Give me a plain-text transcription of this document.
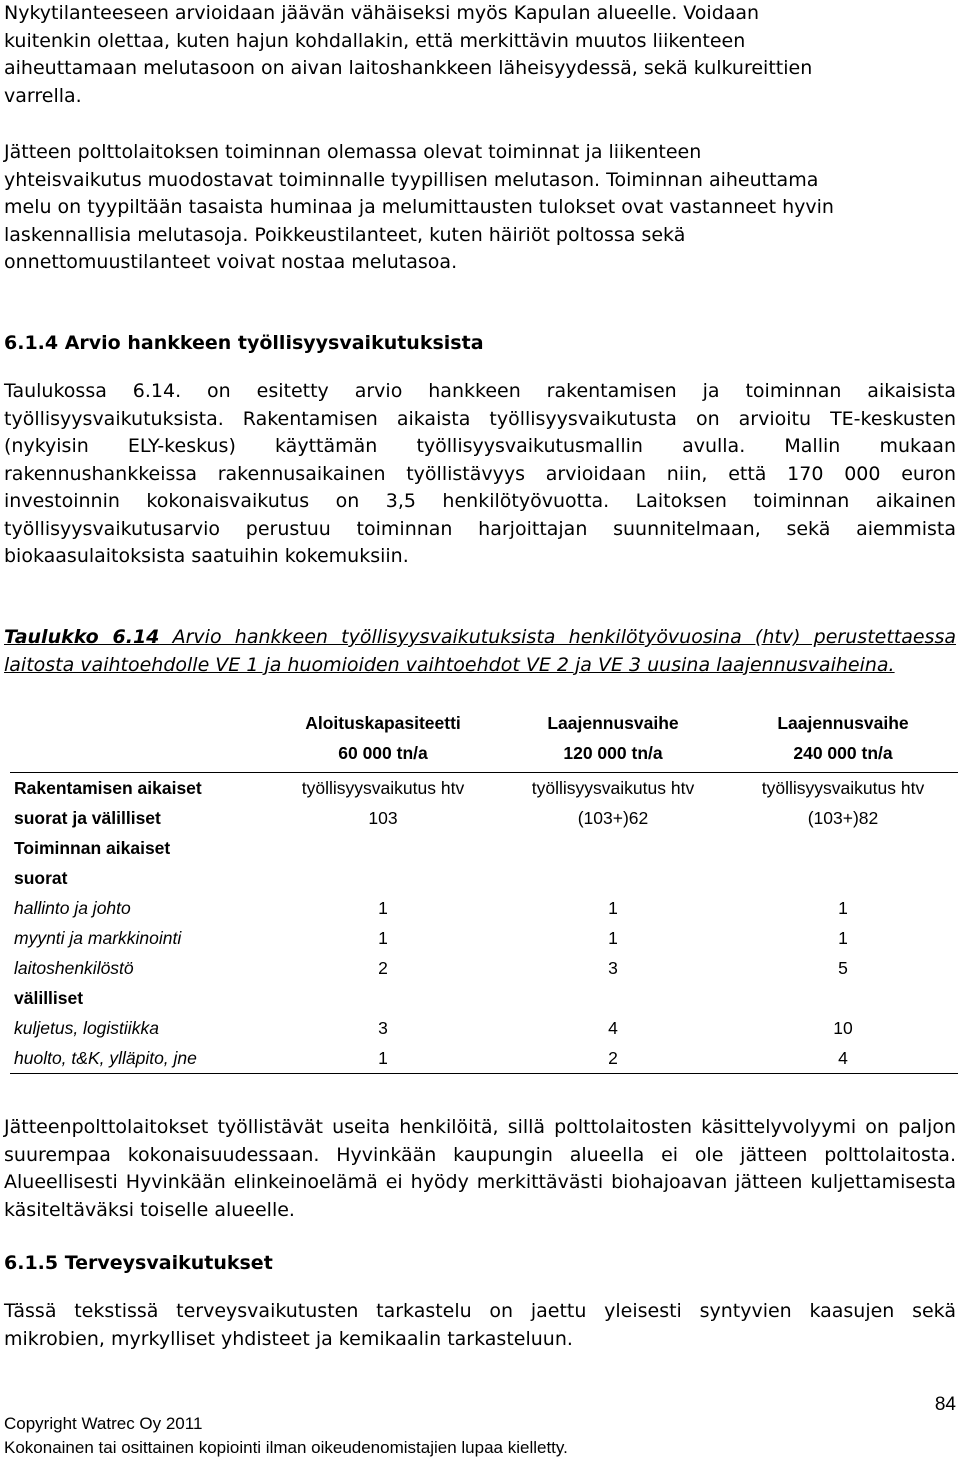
Nykytilanteeseen arvioidaan jäävän vähäiseksi myös Kapulan alueelle. Voidaan
kuitenkin olettaa, kuten hajun kohdallakin, että merkittävin muutos liikenteen
aiheuttamaan melutasoon on aivan laitoshankkeen läheisyydessä, sekä kulkureittien
varrella.

Jätteen polttolaitoksen toiminnan olemassa olevat toiminnat ja liikenteen
yhteisvaikutus muodostavat toiminnalle tyypillisen melutason. Toiminnan aiheuttama
melu on tyypiltään tasaista huminaa ja melumittausten tulokset ovat vastanneet hyvin
laskennallisia melutasoja. Poikkeustilanteet, kuten häiriöt poltossa sekä
onnettomuustilanteet voivat nostaa melutasoa.

6.1.4 Arvio hankkeen työllisyysvaikutuksista

Taulukossa 6.14. on esitetty arvio hankkeen rakentamisen ja toiminnan aikaisista työllisyysvaikutuksista. Rakentamisen aikaista työllisyysvaikutusta on arvioitu TE-keskusten (nykyisin ELY-keskus) käyttämän työllisyysvaikutusmallin avulla. Mallin mukaan rakennushankkeissa rakennusaikainen työllistävyys arvioidaan niin, että 170 000 euron investoinnin kokonaisvaikutus on 3,5 henkilötyövuotta. Laitoksen toiminnan aikainen työllisyysvaikutusarvio perustuu toiminnan harjoittajan suunnitelmaan, sekä aiemmista biokaasulaitoksista saatuihin kokemuksiin.

Taulukko 6.14 Arvio hankkeen työllisyysvaikutuksista henkilötyövuosina (htv) perustettaessa laitosta vaihtoehdolle VE 1 ja huomioiden vaihtoehdot VE 2 ja VE 3 uusina laajennusvaiheina.

	Aloituskapasiteetti	Laajennusvaihe	Laajennusvaihe
	60 000 tn/a	120 000 tn/a	240 000 tn/a
Rakentamisen aikaiset	työllisyysvaikutus htv	työllisyysvaikutus htv	työllisyysvaikutus htv
suorat ja välilliset	103	(103+)62	(103+)82
Toiminnan aikaiset			
suorat			
hallinto ja johto	1	1	1
myynti ja markkinointi	1	1	1
laitoshenkilöstö	2	3	5
välilliset			
kuljetus, logistiikka	3	4	10
huolto, t&K, ylläpito, jne	1	2	4

Jätteenpolttolaitokset työllistävät useita henkilöitä, sillä polttolaitosten käsittelyvolyymi on paljon suurempaa kokonaisuudessaan. Hyvinkään kaupungin alueella ei ole jätteen polttolaitosta. Alueellisesti Hyvinkään elinkeinoelämä ei hyödy merkittävästi biohajoavan jätteen kuljettamisesta käsiteltäväksi toiselle alueelle.

6.1.5 Terveysvaikutukset

Tässä tekstissä terveysvaikutusten tarkastelu on jaettu yleisesti syntyvien kaasujen sekä mikrobien, myrkylliset yhdisteet ja kemikaalin tarkasteluun.

84

Copyright Watrec Oy 2011

Kokonainen tai osittainen kopiointi ilman oikeudenomistajien lupaa kielletty.
